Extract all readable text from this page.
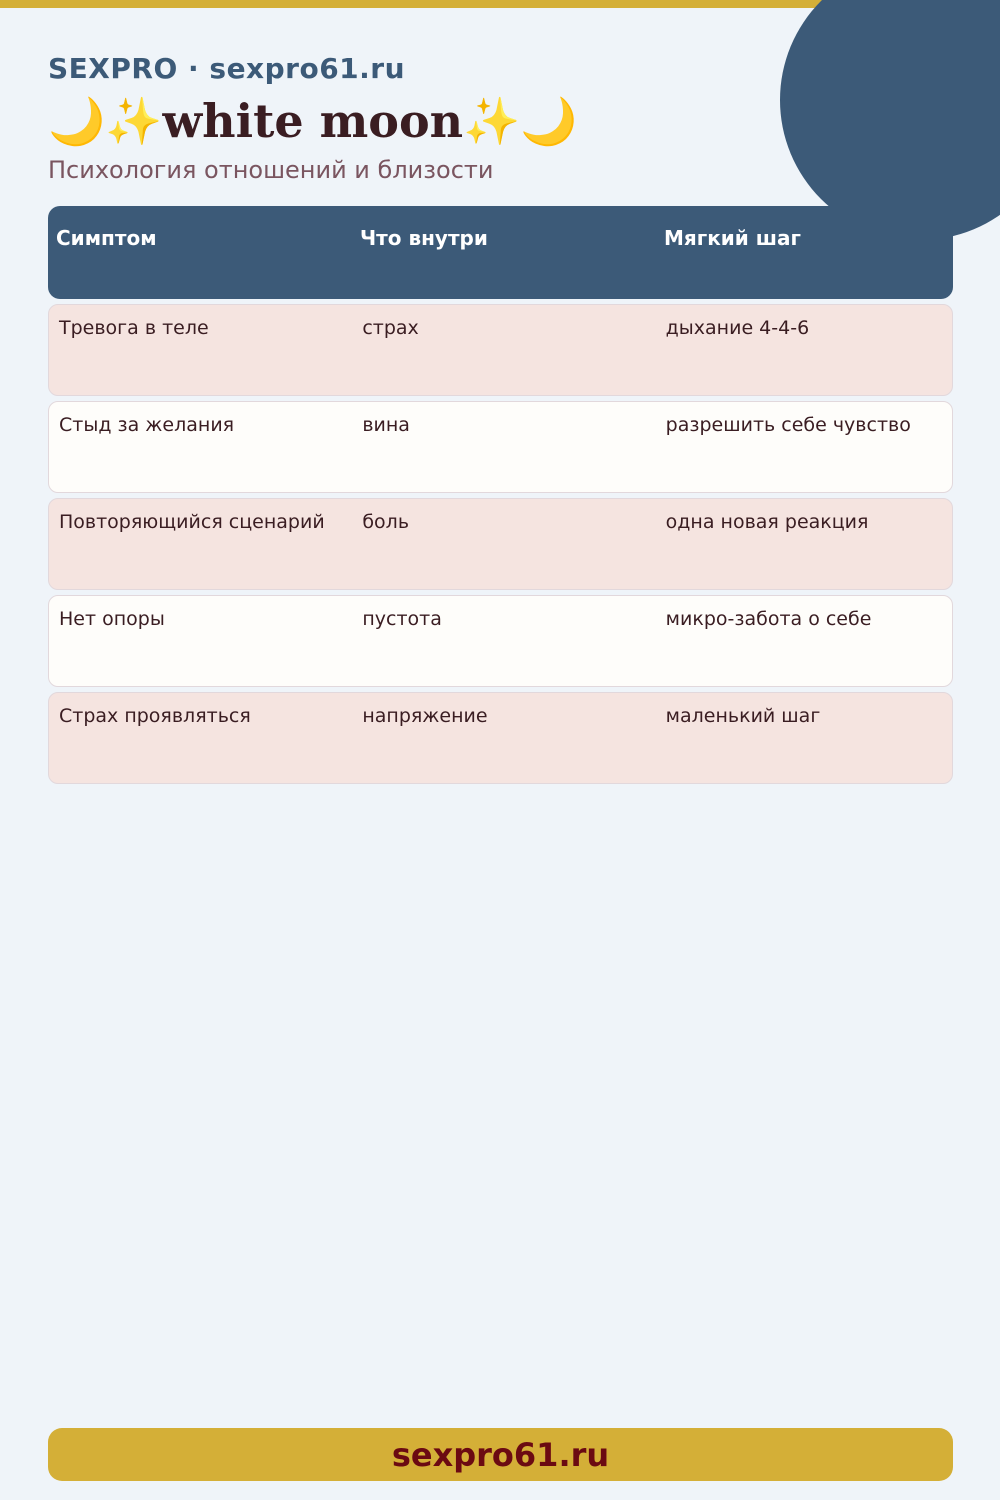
SEXPRO · sexpro61.ru
🌙✨white moon✨🌙
Психология отношений и близости
Симптом	Что внутри	Мягкий шаг
Тревога в теле	страх	дыхание 4-4-6
Стыд за желания	вина	разрешить себе чувство
Повторяющийся сценарий	боль	одна новая реакция
Нет опоры	пустота	микро-забота о себе
Страх проявляться	напряжение	маленький шаг
sexpro61.ru
